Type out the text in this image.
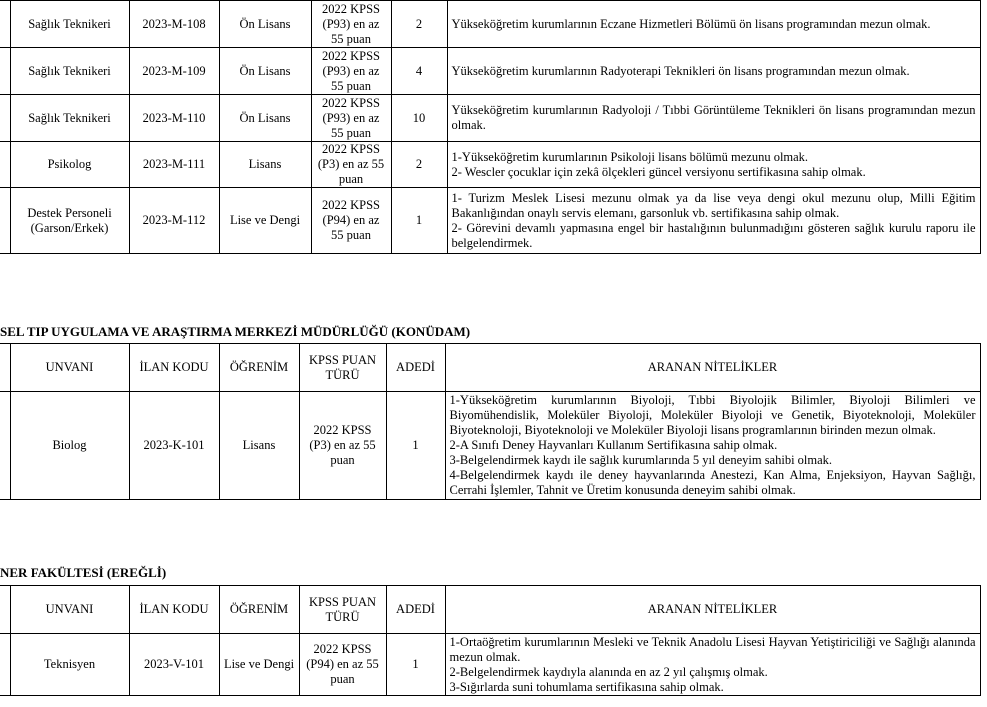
	Sağlık Teknikeri	2023-M-108	Ön Lisans	2022 KPSS (P93) en az 55 puan	2	Yükseköğretim kurumlarının Eczane Hizmetleri Bölümü ön lisans programından mezun olmak.

	Sağlık Teknikeri	2023-M-109	Ön Lisans	2022 KPSS (P93) en az 55 puan	4	Yükseköğretim kurumlarının Radyoterapi Teknikleri ön lisans programından mezun olmak.

	Sağlık Teknikeri	2023-M-110	Ön Lisans	2022 KPSS (P93) en az 55 puan	10	Yükseköğretim kurumlarının Radyoloji / Tıbbi Görüntüleme Teknikleri ön lisans programından mezun olmak.

	Psikolog	2023-M-111	Lisans	2022 KPSS (P3) en az 55 puan	2	1-Yükseköğretim kurumlarının Psikoloji lisans bölümü mezunu olmak.
2- Wescler çocuklar için zekâ ölçekleri güncel versiyonu sertifikasına sahip olmak.

	Destek Personeli (Garson/Erkek)	2023-M-112	Lise ve Dengi	2022 KPSS (P94) en az 55 puan	1	1- Turizm Meslek Lisesi mezunu olmak ya da lise veya dengi okul mezunu olup, Milli Eğitim Bakanlığından onaylı servis elemanı, garsonluk vb. sertifikasına sahip olmak.
2- Görevini devamlı yapmasına engel bir hastalığının bulunmadığını gösteren sağlık kurulu raporu ile belgelendirmek.
SEL TIP UYGULAMA VE ARAŞTIRMA MERKEZİ MÜDÜRLÜĞÜ (KONÜDAM)
	UNVANI	İLAN KODU	ÖĞRENİM	KPSS PUAN TÜRÜ	ADEDİ	ARANAN NİTELİKLER
	Biolog	2023-K-101	Lisans	2022 KPSS (P3) en az 55 puan	1	1-Yükseköğretim kurumlarının Biyoloji, Tıbbi Biyolojik Bilimler, Biyoloji Bilimleri ve Biyomühendislik, Moleküler Biyoloji, Moleküler Biyoloji ve Genetik, Biyoteknoloji, Moleküler Biyoteknoloji, Biyoteknoloji ve Moleküler Biyoloji lisans programlarının birinden mezun olmak.
2-A Sınıfı Deney Hayvanları Kullanım Sertifikasına sahip olmak.
3-Belgelendirmek kaydı ile sağlık kurumlarında 5 yıl deneyim sahibi olmak.
4-Belgelendirmek kaydı ile deney hayvanlarında Anestezi, Kan Alma, Enjeksiyon, Hayvan Sağlığı, Cerrahi İşlemler, Tahnit ve Üretim konusunda deneyim sahibi olmak.
NER FAKÜLTESİ (EREĞLİ)
	UNVANI	İLAN KODU	ÖĞRENİM	KPSS PUAN TÜRÜ	ADEDİ	ARANAN NİTELİKLER
	Teknisyen	2023-V-101	Lise ve Dengi	2022 KPSS (P94) en az 55 puan	1	1-Ortaöğretim kurumlarının Mesleki ve Teknik Anadolu Lisesi Hayvan Yetiştiriciliği ve Sağlığı alanında mezun olmak.
2-Belgelendirmek kaydıyla alanında en az 2 yıl çalışmış olmak.
3-Sığırlarda suni tohumlama sertifikasına sahip olmak.
